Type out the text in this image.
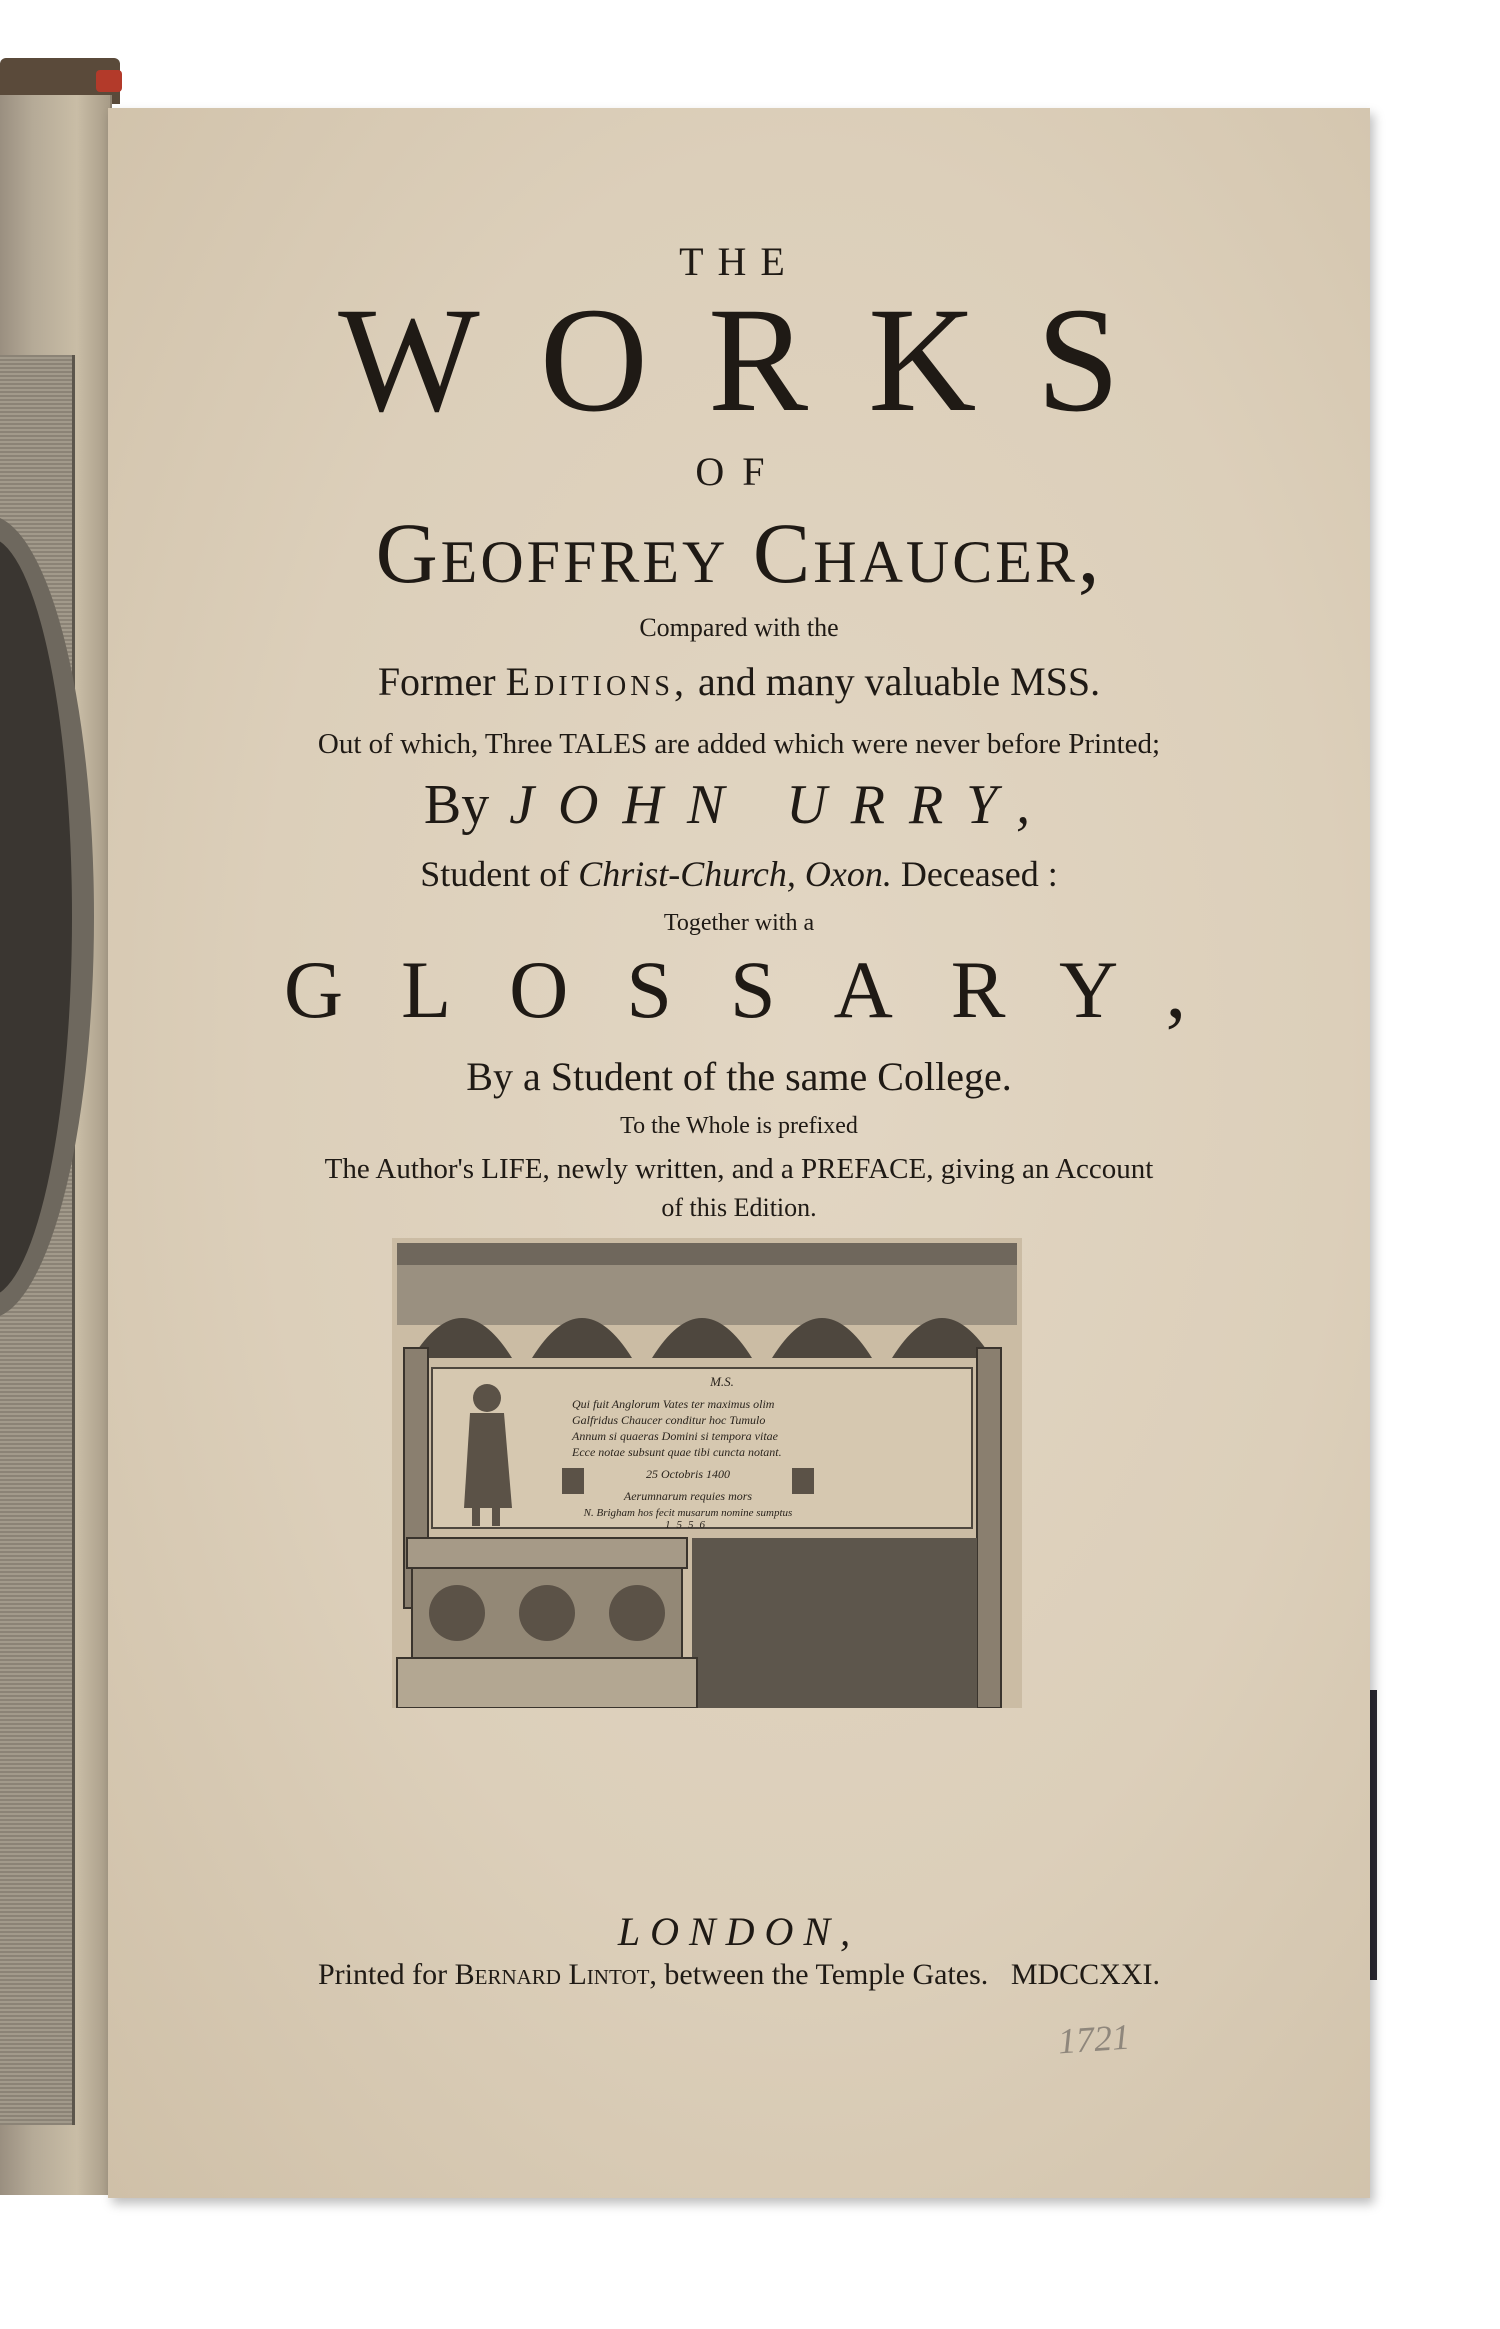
THE
WORKS
OF
Geoffrey Chaucer,
Compared with the
Former Editions, and many valuable MSS.
Out of which, Three TALES are added which were never before Printed;
By JOHN URRY,
Student of Christ-Church, Oxon. Deceased :
Together with a
GLOSSARY,
By a Student of the same College.
To the Whole is prefixed
The Author's LIFE, newly written, and a PREFACE, giving an Account
of this Edition.
M.S.
Qui fuit Anglorum Vates ter maximus olim
Galfridus Chaucer conditur hoc Tumulo
Annum si quaeras Domini si tempora vitae
Ecce notae subsunt quae tibi cuncta notant.
25 Octobris 1400
Aerumnarum requies mors
N. Brigham hos fecit musarum nomine sumptus
1556
LONDON,
Printed for Bernard Lintot, between the Temple Gates. MDCCXXI.
1721
